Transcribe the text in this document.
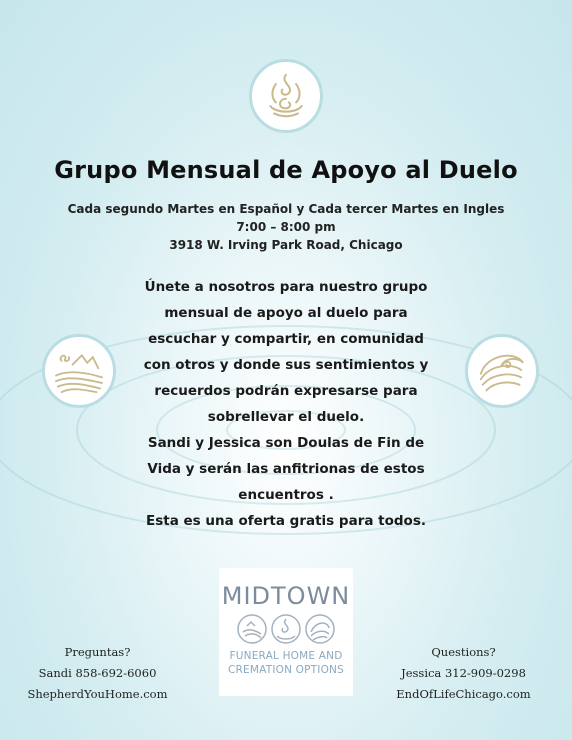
Grupo Mensual de Apoyo al Duelo
Cada segundo Martes en Español y Cada tercer Martes en Ingles
7:00 – 8:00 pm
3918 W. Irving Park Road, Chicago
Únete a nosotros para nuestro grupo
mensual de apoyo al duelo para
escuchar y compartir, en comunidad
con otros y donde sus sentimientos y
recuerdos podrán expresarse para
sobrellevar el duelo.
Sandi y Jessica son Doulas de Fin de
Vida y serán las anfitrionas de estos
encuentros .
Esta es una oferta gratis para todos.
MIDTOWN
FUNERAL HOME AND
CREMATION OPTIONS
Preguntas?
Sandi 858-692-6060
ShepherdYouHome.com
Questions?
Jessica 312-909-0298
EndOfLifeChicago.com
